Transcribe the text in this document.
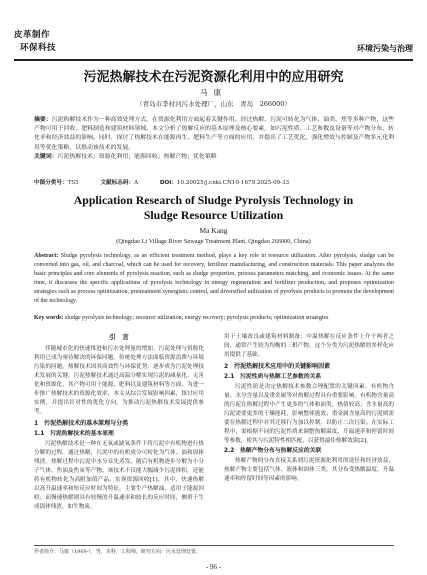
皮革制作
环保科技	环境污染与治理
污泥热解技术在污泥资源化利用中的应用研究
马康
（青岛市李村河污水处理厂，山东　青岛　266000）
摘要：污泥热解技术作为一种高效处理方式，在资源化利用方面起着关键作用。经过热解，污泥可转化为气体、油类、焦等多种产物，这些产物可用于回收、肥料制造和建筑材料领域。本文分析了热解反应的基本原理及核心要素，如污泥性质、工艺参数及设备等对产物分布、转化率和经济效益的影响。同时，探讨了热解技术在能源再生、肥料生产等方面的应用，并提出了工艺优化、强化增效与控制及产物多元化利用等优化策略，以推动该技术的发展。
关键词：污泥热解技术；资源化利用；能源回收；热解产物；优化策略
中图分类号：TS5	文献标志码：A	DOI：10.20025/j.cnki.CN10-1679.2025-09-33
Application Research of Sludge Pyrolysis Technology in
Sludge Resource Utilization
Ma Kang
(Qingdao Li Village River Sewage Treatment Plant, Qingdao 266000, China)
Abstract: Sludge pyrolysis technology, as an efficient treatment method, plays a key role in resource utilization. After pyrolysis, sludge can be converted into gas, oil, and charcoal, which can be used for recovery, fertilizer manufacturing, and construction materials. This paper analyzes the basic principles and core elements of pyrolysis reaction, such as sludge properties, process parameters matching, and economic issues. At the same time, it discusses the specific applications of pyrolysis technology in energy regeneration and fertilizer production, and proposes optimization strategies such as process optimization, pretreatment synergistic control, and diversified utilization of pyrolysis products to promote the development of the technology.
Key words: sludge pyrolysis technology; resource utilization; energy recovery; pyrolysis products; optimization strategies
引　言

伴随城市化的快速推进和污水处理量的增加，污泥处理与资源化利用已成为亟待解决的环保问题。传统处理方法面临资源浪费与环境污染的问题，热解技术因其高效性与环保优势，逐步成为污泥处理技术发展的关键。污泥热解技术通过高温分解实现污泥的减量化、无害化和资源化，其产物可用于能源、肥料以及建筑材料等方面，为进一步推广热解技术的资源化效率，本文从综合发展影响因素，探讨应用实例，并提出针对性的优化方向，为推动污泥热解技术发展提供参考。

1　污泥热解技术的基本原理与分类
1.1　污泥热解技术的基本原理

污泥热解技术是一种在无氧或缺氧条件下将污泥中有机物进行热分解的过程。通过热解，污泥中的有机成分可转化为气体、油和固体残渣。热解过程中污泥中水分首先蒸发，随后有机物逐步分解为小分子气体、焦油及焦炭等产物，该技术不仅能大幅减少污泥体积，还能将有机物转化为高附加值产品，实现资源回收[1]。其中，快速热解以高升温速率和短反应时间为特征，主要生产热解油，适用于能源回收；而慢速热解则具有较慢的升温速率和较长的反应时间，侧重于生成固体残渣，如生物炭。

用于土壤改良或建筑材料制备；中温热解在反应条件上介于两者之间，通常产生较为均衡的三相产物，这个分类为污泥热解的多样化应用提供了基础。

2　污泥热解技术应用中的关键影响因素
2.1　污泥性质与热解工艺参数的关系

污泥性质是决定热解技术参数合理配置的关键因素。有机物含量、水分含量以及重金属等对热解过程具有重要影响。有机物含量高的污泥在热解过程中产生更多的气体和油类，热值较高；含水量高的污泥需要更多的干燥能耗，影响整体能效；重金属含量高的污泥则需要在热解过程中对其迁移行为加以控制，以防止二次污染。在实际工程中，需根据不同的污泥性质来调整热解温度、升温速率和停留时间等参数，使其与污泥特性相匹配，以获得最佳热解效果[2]。

2.2　热解产物分布与热解反应的关联

热解产物的分布直接关系到污泥资源化利用的途径和经济效益，热解产物主要包括气体、液体和固体三类，其分布受热解温度、升温速率和停留时间等因素的影响。

作者简介：马康（1969-），男，本科，工程师，研究方向：污水处理处置。
- 96 -
